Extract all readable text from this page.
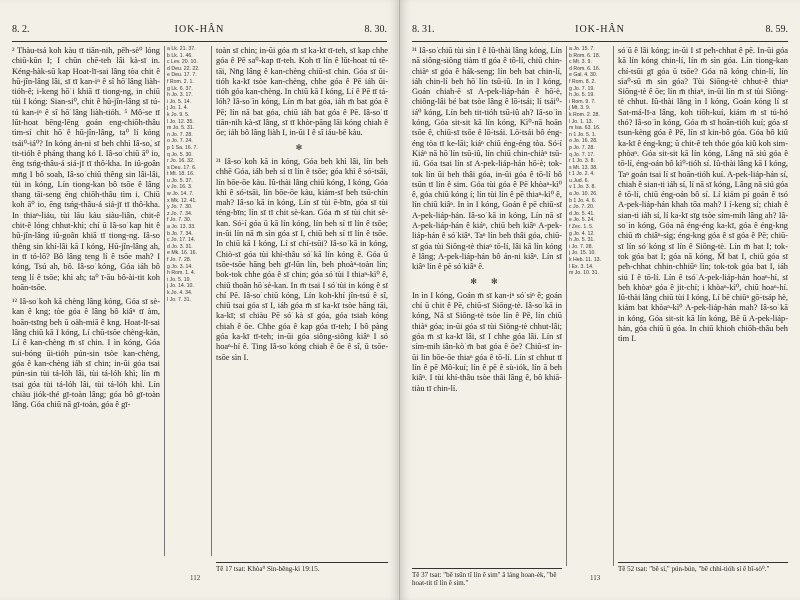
8. 2.	IOK-HÂN	8. 30.

² Thàu-tsá koh kàu tī tiān-nih, pēh-sè⁰ lóng chiū-kūn I; I chūn chē-teh lâi kà-sī in. Kéng-hàk-sū kap Hoat-lī-sai lâng tòa chit ê hū-jîn-lâng lâi, sī tī kan-iⁿ ê sî hō͘ lâng liàh-tióh-ê; i-keng hō͘ i khiā tī tiong-ng, in chiū tùi I kóng: Sian-si⁰, chit ê hū-jîn-lâng sī tú-tú kan-iⁿ ê sî hō͘ lâng liàh-tióh. ⁵ Mô͘-se tī lūt-hoat bēng-lēng goán eng-chiōh-thâu tìm-sí chit hō͘ ê hū-jîn-lâng, ta⁰ lí kóng tsái⁰-iá⁰? In kóng án-ni sī beh chhì Iâ-so͘, sī tit-tióh ê pháng thang kó I. Iâ-so͘ chiū ā⁰ io, ēng tsńg-thâu-á siá-jī tī thô͘-kha. In iû-goân mn̄g I bô soah, Iâ-so͘ chiū thêng sin lâi-lâi, tùi in kóng, Lín tiong-kan bô tsōe ê lâng thang tāi-seng ēng chiōh-thâu tìm i. Chiū koh ā⁰ io, ēng tsńg-thâu-á siá-jī tī thô͘-kha. In thiaⁿ-liáu, tùi lāu kàu siàu-liân, chit-ê chit-ê lóng chhut-khì; chí ū Iâ-so͘ kap hit ê hū-jîn-lâng iû-goân khiā tī tiong-ng. Iâ-so͘ thêng sin khí-lâi kā I kóng, Hū-jîn-lâng ah, in tī tó-lō͘? Bô lâng teng lí ê tsōe mah? I kóng, Tsú ah, bô. Iâ-so͘ kóng, Góa iáh bô teng lí ê tsōe; khì ah; ta⁰ ī-āu bô-ài-tit koh hoān-tsōe.

¹² Iâ-so͘ koh kā chèng lâng kóng, Góa sī sè-kan ê kng; tòe góa ê lâng bô kiâⁿ tī àm, hoān-tsīng beh ū oàh-miā ê kng. Hoat-lī-sai lâng chiū kā I kóng, Lí chū-tsōe chèng-kàn, Lí ê kan-chèng m̄ sī chin. I ìn kóng, Góa sui-bóng ūi-tióh pún-sin tsòe kan-chèng, góa ê kan-chèng iáh sī chin; in-ūi góa tsai pún-sin tùi tá-lóh lâi, tùi tá-lóh khì; lín m̄ tsai góa tùi tá-lóh lâi, tùi tá-lóh khì. Lín chiàu jiók-thé gī-toàn lâng; góa bô gī-toàn lâng. Góa chiū nā gī-toàn, góa ê gī-

a Lk. 21. 37.
b Lk. 1. 46.
c Lev. 20. 10.
d Deu. 22. 22.
e Deu. 17. 7.
f Rom. 2. 1.
g Lk. 6. 37.
h Jo. 3. 17.
i Jo. 5. 14.
j Jo. 1. 4.
k Jo. 9. 5.
l Jo. 12. 35.
m Jo. 5. 31.
n Jo. 7. 28.
o Jo. 7. 24.
p 1 Sa. 16. 7.
q Jo. 5. 30.
r Jo. 16. 32.
s Deu. 17. 6.
t Mt. 18. 16.
u Jo. 5. 37.
v Jo. 16. 3.
w Jo. 14. 7.
x Mk. 12. 41.
y Jo. 7. 30.
z Jo. 7. 34.
f Jo. 7. 30.
a Jo. 13. 33.
b Jo. 7. 34.
c Jo. 17. 14.
d Jo. 3. 31.
e Mk. 16. 16.
f Jo. 7. 28.
g Jo. 3. 14.
h Rom. 1. 4.
i Jo. 5. 19.
j Jo. 14. 10.
k Jo. 4. 34.
l Jo. 7. 31.

toàn sī chin; in-ūi góa m̄ sī ka-kī tī-teh, sī kap chhe góa ê Pē sa⁰-kap tī-teh. Koh tī lín ê lūt-hoat tú tē-tāi, Nn̄g lâng ê kan-chèng chiū-sī chin. Góa sī ūi-tióh ka-kī tsòe kan-chèng, chhe góa ê Pē iáh ūi-tióh góa kan-chèng. In chiū kā I kóng, Lí ê Pē tī tá-lóh? Iâ-so͘ ìn kóng, Lín m̄ bat góa, iáh m̄ bat góa ê Pē; lín nā bat góa, chiū iáh bat góa ê Pē. Iâ-so͘ tī tiān-nih kà-sī lâng, sī tī khòr-pāng lāi kóng chiah ê ōe; iáh bô lâng liàh I, in-ūi I ê sî iáu-bē kàu.

✻

²¹ Iâ-so͘ koh kā in kóng, Góa beh khì lâi, lín beh chhē Góa, iáh beh sí tī lín ê tsōe; góa khì ê só͘-tsāi, lín bōe-ōe kàu. Iû-thài lâng chiū kóng, I kóng, Góa khì ê só͘-tsāi, lín bōe-ōe kàu, kiám-sī beh tsū-chín mah? Iâ-so͘ kā in kóng, Lín sī tùi ē-bīn, góa sī tùi téng-bīn; lín sī tī chit sè-kan. Góa m̄ sī tùi chit sè-kan. Só͘-í góa ū kā lín kóng, lín beh sí tī lín ê tsōe; in-ūi lín nā m̄ sìn góa sī I, chiū beh sí tī lín ê tsōe. In chiū kā I kóng, Lí sī chí-tsūi? Iâ-so͘ kā in kóng, Chiò-sī góa tùi khí-thâu só͘ kā lín kóng ê. Góa ū tsōe-tsōe hāng beh gī-lūn lín, beh phoàⁿ-toàn lín; bok-tok chhe góa ê sī chin; góa só͘ tùi I thiaⁿ-kì⁰ ê, chiū thoân hō͘ sè-kan. In m̄ tsai I só͘ tùi in kóng ê sī chí Pē. Iâ-so͘ chiū kóng, Lín koh-khí jîn-tsú ê sî, chiū tsai góa sī I, iáh góa m̄ sī ka-kī tsòe hāng tāi, ka-kī; sī chiàu Pē só͘ kà sī góa, góa tsiah kóng chiah ê ōe. Chhe góa ê kap góa tī-teh; I bô pàng góa ka-kī tī-teh; in-ūi góa siông-siông kiâⁿ I só͘ hoaⁿ-hí ê. Ting Iâ-so͘ kóng chiah ê ōe ê sî, ū tsōe-tsōe sìn I.

Tē 17 tsat: Khòa⁰ Sìn-bēng-kì 19:15.
112
8. 31.	IOK-HÂN	8. 59.

³¹ Iâ-so͘ chiū tùi sìn I ê Iû-thài lâng kóng, Lín nā siông-siông tiàm tī góa ê tō-lí, chiū chin-chiàⁿ sī góa ê hák-seng; lín beh bat chin-lí, iáh chin-lí beh hō͘ lín tsū-iû. In ìn I kóng, Goán chiah-ē sī A-pek-liáp-hán ê hō͘-è, chiông-lâi bé bat tsòe lâng ê lō͘-tsái; lí tsái⁰-iá⁰ kóng, Lín beh tit-tióh tsū-iû ah? Iâ-so͘ ìn kóng, Góa sit-sit kā lín kóng, Kì⁰-nā hoān tsōe ê, chiū-sī tsōe ê lō͘-tsái. Lō͘-tsái bô éng-éng tòa tī ke-lāi; kiáⁿ chiū éng-éng tòa. Só͘-í Kiáⁿ nā hō͘ lín tsū-iû, lín chiū chin-chiàⁿ tsū-iû. Góa tsai lín sī A-pek-liáp-hán hō͘-è; tok-tok lín ūi beh thâi góa, in-ūi góa ê tō-lí bô tsūn tī lín ê sim. Góa tùi góa ê Pē khòaⁿ-kì⁰ ê, góa chiū kóng í; lín tùi lín ê pē thiaⁿ-kì⁰ ê, lín chiū kiâⁿ. In ìn I kóng, Goán ê pē chiū-sī A-pek-liáp-hán. Iâ-so͘ kā in kóng, Lín nā sī A-pek-liáp-hán ê kiáⁿ, chiū beh kiâⁿ A-pek-liáp-hán ê só͘ kiâⁿ. Taⁿ lín beh thâi góa, chiū-sī góa tùi Siōng-tè thiaⁿ tō-lí, lâi kā lín kóng ê lâng; A-pek-liáp-hán bô án-ni kiâⁿ. Lín sī kiâⁿ lín ê pē só͘ kiâⁿ ê.

✻ ✻

In ìn I kóng, Goán m̄ sī kan-iⁿ só͘ siⁿ ê; goán chí ū chit ê Pē, chiū-sī Siōng-tè. Iâ-so͘ kā in kóng, Nā sī Siōng-tè tsòe lín ê Pē, lín chiū thiàⁿ góa; in-ūi góa sī tùi Siōng-tè chhut-lâi; góa m̄ sī ka-kī lâi, sī I chhe góa lâi. Lín sī sím-mih iân-kò͘ m̄ bat góa ê ōe? Chiū-sī in-ūi lín bōe-ōe thiaⁿ góa ê tō-lí. Lín sī chhut tī lín ê pē Mô͘-kuí; lín ê pē ê sù-iók, lín ā beh kiâⁿ. I tùi khí-thâu tsòe thâi lâng ê, bô khiā-tiàu tī chin-lí.

a Jo. 15. 7.
b Rom. 6. 18.
c Mt. 3. 9.
d Rom. 6. 16.
e Gal. 4. 30.
f Rom. 8. 2.
g Jo. 7. 19.
h Jo. 5. 19.
i Rom. 9. 7.
j Mt. 3. 9.
k Rom. 2. 28.
l Jo. 1. 13.
m Isa. 63. 16.
n 1 Jo. 5. 1.
o Jo. 16. 28.
p Jo. 7. 28.
q Jo. 7. 17.
r 1 Jo. 3. 8.
s Mt. 13. 38.
t 1 Jo. 2. 4.
u Jud. 6.
v 1 Jo. 3. 8.
a Jo. 10. 26.
b 1 Jo. 4. 6.
c Jo. 7. 20.
d Jo. 5. 41.
e Jo. 5. 24.
f Zec. 1. 5.
g Jo. 4. 12.
h Jo. 5. 31.
i Jo. 7. 28.
j Jo. 15. 10.
k Heb. 11. 13.
l Ex. 3. 14.
m Jo. 10. 31.

só͘ ū ê lâi kóng; in-ūi I sī pe̍h-chhat ê pē. In-ūi góa kā lín kóng chin-lí, lín m̄ sìn góa. Lín tiong-kan chí-tsūi gī góa ū tsōe? Góa nā kóng chin-lí, lín sìa⁰-sū m̄ sìn góa? Tùi Siōng-tè chhut-ê thiaⁿ Siōng-tè ê ōe; lín m̄ thiaⁿ, in-ūi lín m̄ sī tùi Siōng-tè chhut. Iû-thài lâng ìn I kóng, Goán kóng lí sī Sat-má-lī-a lâng, koh tiōh-kuí, kiám m̄ sī tú-hó thó? Iâ-so͘ ìn kóng, Góa m̄ sī hoān-tióh kuí; góa sī tsun-kèng góa ê Pē, lín sī kin-bô góa. Góa bô kiû ka-kī ê éng-kng; ū chit-ê teh thóe góa kiû koh sim-phòaⁿ. Góa sit-sit kā lín kóng, Lâng nā siú góa ê tō-lí, éng-oán bô kì⁰-tióh sí. Iû-thài lâng kā I kóng, Taⁿ goán tsai lí sī hoān-tióh kuí. A-pek-liáp-hán sí, chiah ê sian-ti iáh sí, lí nā sī kóng, Lâng nā siú góa ê tō-lí, chiū éng-oán bô sí. Lí kiám pí goán ê tsó͘ A-pek-liáp-hán khah tōa mah? I í-keng sí; chiah ê sian-ti iáh sí, lí ka-kī sīg tsòe sím-mih lâng ah? Iâ-so͘ ìn kóng, Góa nā éng-éng ka-kī, góa ê éng-kng chiū m̄ chiâⁿ-sìg; éng-kng góa ê sī góa ê Pē; chiū-sī lín só͘ kóng sī lín ê Siōng-tè. Lín m̄ bat I; tok-tok góa bat I; góa nā kóng, M̄ bat I, chiū góa sī pe̍h-chhat chhin-chhiūⁿ lín; tok-tok góa bat I, iáh siú I ê tō-lí. Lín ê tsó͘ A-pek-liáp-hán hoaⁿ-hí, sī beh khòaⁿ góa ê jit-chí; i khòaⁿ-kì⁰, chiū hoaⁿ-hí. Iû-thài lâng chiū tùi I kóng, Lí bē chiūⁿ gō͘-tsáp hè, kiám bat khòaⁿ-kì⁰ A-pek-liáp-hán mah? Iâ-so͘ kā in kóng, Góa sit-sit kā lín kóng, Bē ū A-pek-liáp-hán, góa chiū ū góa. In chiū khioh chiōh-thâu beh tìm I.

Tē 37 tsat: "bē tsūn tī lín ê sim" ā láng hoan-èk, "bē hoat-tit tī lín ê sim."
Tē 52 tsat: "bē sí," pún-bún, "bē chhì-tióh sí ê bī-sò⁰."
113
